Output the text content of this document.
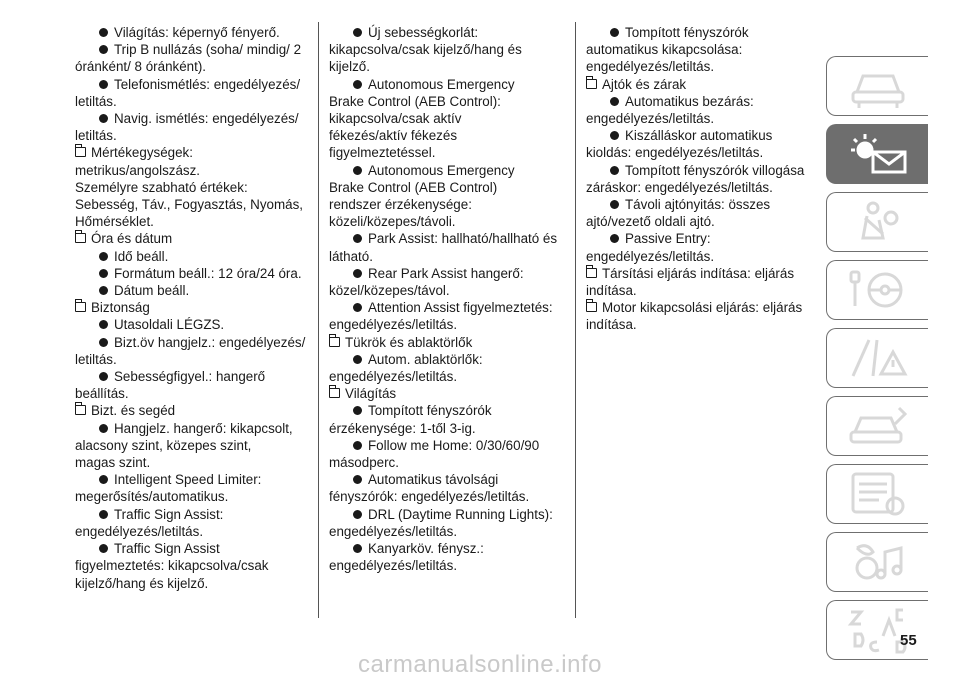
Világítás: képernyő fényerő.
Trip B nullázás (soha/ mindig/ 2
óránként/ 8 óránként).
Telefonismétlés: engedélyezés/
letiltás.
Navig. ismétlés: engedélyezés/
letiltás.
Mértékegységek:
metrikus/angolszász.
Személyre szabható értékek:
Sebesség, Táv., Fogyasztás, Nyomás,
Hőmérséklet.
Óra és dátum
Idő beáll.
Formátum beáll.: 12 óra/24 óra.
Dátum beáll.
Biztonság
Utasoldali LÉGZS.
Bizt.öv hangjelz.: engedélyezés/
letiltás.
Sebességfigyel.: hangerő
beállítás.
Bizt. és segéd
Hangjelz. hangerő: kikapcsolt,
alacsony szint, közepes szint,
magas szint.
Intelligent Speed Limiter:
megerősítés/automatikus.
Traffic Sign Assist:
engedélyezés/letiltás.
Traffic Sign Assist
figyelmeztetés: kikapcsolva/csak
kijelző/hang és kijelző.
Új sebességkorlát:
kikapcsolva/csak kijelző/hang és
kijelző.
Autonomous Emergency
Brake Control (AEB Control):
kikapcsolva/csak aktív
fékezés/aktív fékezés
figyelmeztetéssel.
Autonomous Emergency
Brake Control (AEB Control)
rendszer érzékenysége:
közeli/közepes/távoli.
Park Assist: hallható/hallható és
látható.
Rear Park Assist hangerő:
közel/közepes/távol.
Attention Assist figyelmeztetés:
engedélyezés/letiltás.
Tükrök és ablaktörlők
Autom. ablaktörlők:
engedélyezés/letiltás.
Világítás
Tompított fényszórók
érzékenysége: 1-től 3-ig.
Follow me Home: 0/30/60/90
másodperc.
Automatikus távolsági
fényszórók: engedélyezés/letiltás.
DRL (Daytime Running Lights):
engedélyezés/letiltás.
Kanyarköv. fénysz.:
engedélyezés/letiltás.
Tompított fényszórók
automatikus kikapcsolása:
engedélyezés/letiltás.
Ajtók és zárak
Automatikus bezárás:
engedélyezés/letiltás.
Kiszálláskor automatikus
kioldás: engedélyezés/letiltás.
Tompított fényszórók villogása
záráskor: engedélyezés/letiltás.
Távoli ajtónyitás: összes
ajtó/vezető oldali ajtó.
Passive Entry:
engedélyezés/letiltás.
Társítási eljárás indítása: eljárás
indítása.
Motor kikapcsolási eljárás: eljárás
indítása.
55
carmanualsonline.info
